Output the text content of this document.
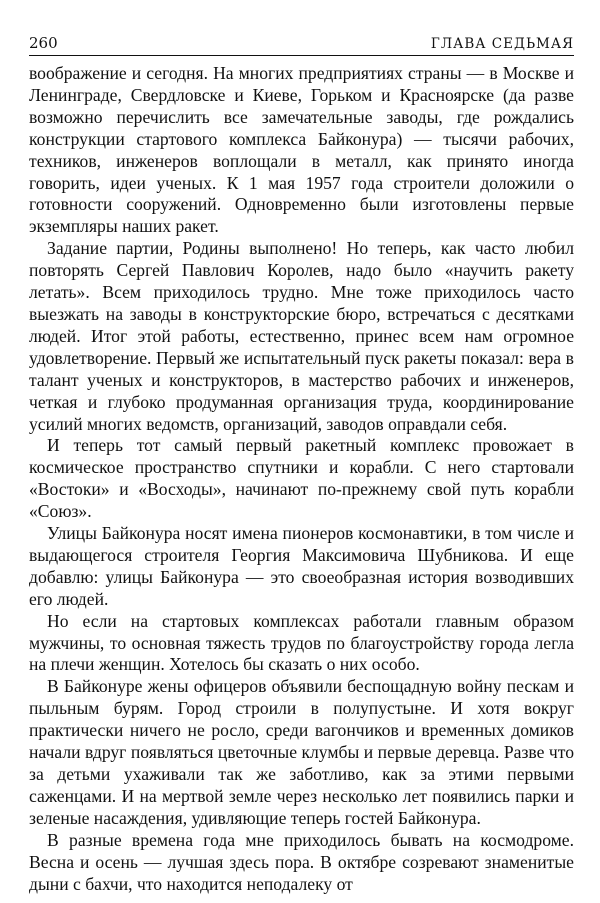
260	ГЛАВА СЕДЬМАЯ

воображение и сегодня. На многих предприятиях страны — в Москве и Ленинграде, Свердловске и Киеве, Горьком и Красноярске (да разве возможно перечислить все замечательные заводы, где рождались конструкции стартового комплекса Байконура) — тысячи рабочих, техников, инженеров воплощали в металл, как принято иногда говорить, идеи ученых. К 1 мая 1957 года строители доложили о готовности сооружений. Одновременно были изготовлены первые экземпляры наших ракет.

Задание партии, Родины выполнено! Но теперь, как часто любил повторять Сергей Павлович Королев, надо было «научить ракету летать». Всем приходилось трудно. Мне тоже приходилось часто выезжать на заводы в конструкторские бюро, встречаться с десятками людей. Итог этой работы, естественно, принес всем нам огромное удовлетворение. Первый же испытательный пуск ракеты показал: вера в талант ученых и конструкторов, в мастерство рабочих и инженеров, четкая и глубоко продуманная организация труда, координирование усилий многих ведомств, организаций, заводов оправдали себя.

И теперь тот самый первый ракетный комплекс провожает в космическое пространство спутники и корабли. С него стартовали «Востоки» и «Восходы», начинают по-прежнему свой путь корабли «Союз».

Улицы Байконура носят имена пионеров космонавтики, в том числе и выдающегося строителя Георгия Максимовича Шубникова. И еще добавлю: улицы Байконура — это своеобразная история возводивших его людей.

Но если на стартовых комплексах работали главным образом мужчины, то основная тяжесть трудов по благоустройству города легла на плечи женщин. Хотелось бы сказать о них особо.

В Байконуре жены офицеров объявили беспощадную войну пескам и пыльным бурям. Город строили в полупустыне. И хотя вокруг практически ничего не росло, среди вагончиков и временных домиков начали вдруг появляться цветочные клумбы и первые деревца. Разве что за детьми ухаживали так же заботливо, как за этими первыми саженцами. И на мертвой земле через несколько лет появились парки и зеленые насаждения, удивляющие теперь гостей Байконура.

В разные времена года мне приходилось бывать на космодроме. Весна и осень — лучшая здесь пора. В октябре созревают знаменитые дыни с бахчи, что находится неподалеку от
